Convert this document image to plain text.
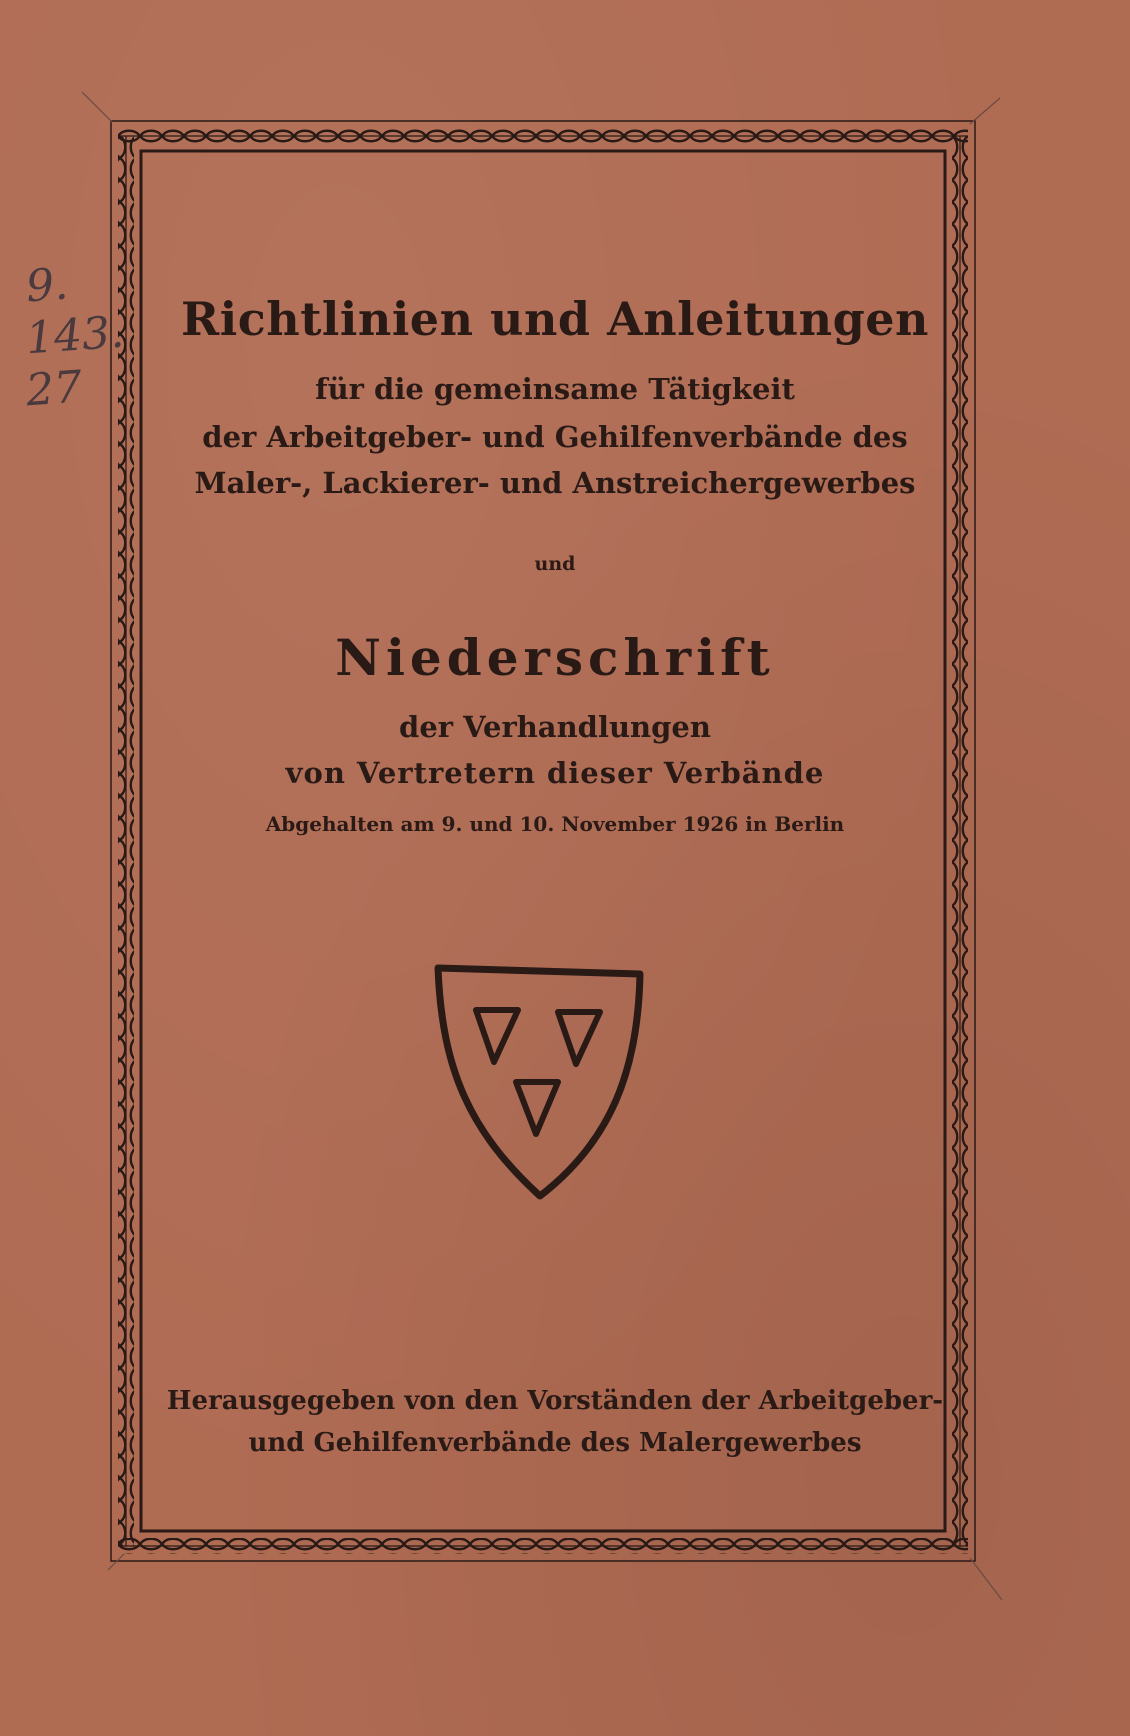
Richtlinien und Anleitungen
für die gemeinsame Tätigkeit
der Arbeitgeber- und Gehilfenverbände des
Maler-, Lackierer- und Anstreichergewerbes
und
Niederschrift
der Verhandlungen
von Vertretern dieser Verbände
Abgehalten am 9. und 10. November 1926 in Berlin
Herausgegeben von den Vorständen der Arbeitgeber-
und Gehilfenverbände des Malergewerbes
9.
143.
27
